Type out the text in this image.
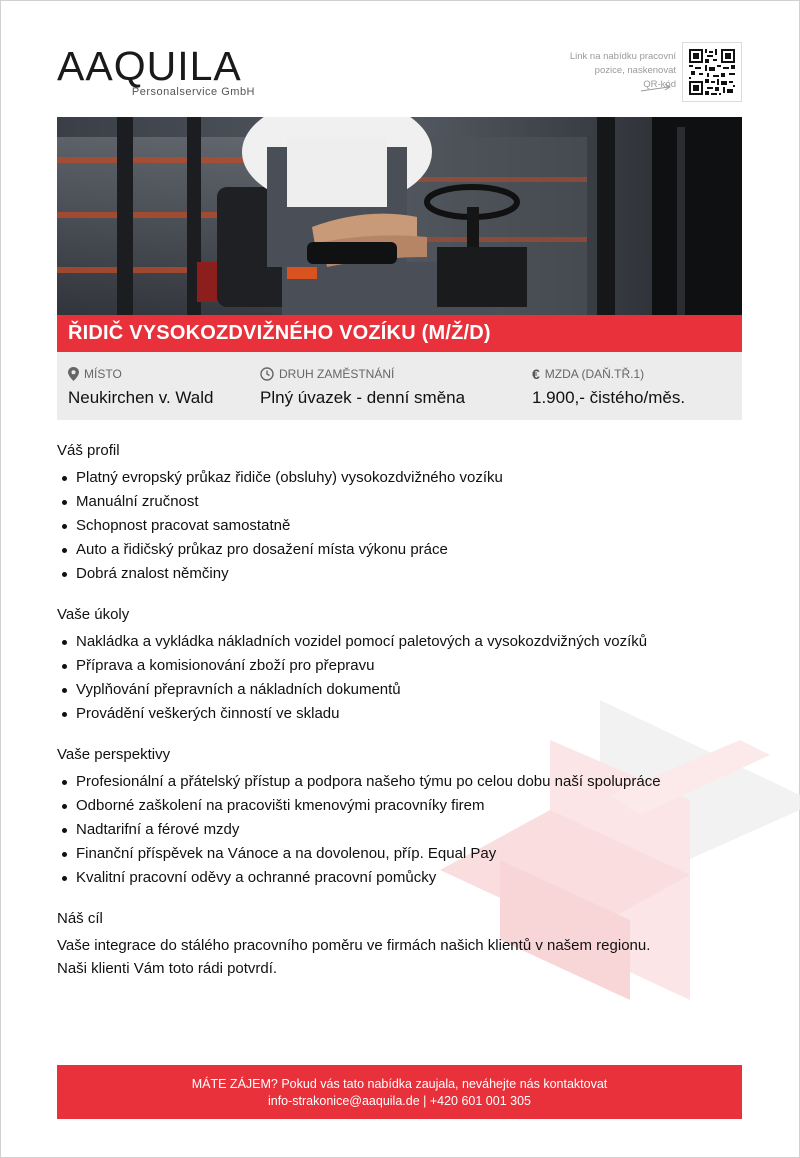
AAQUILA
Personalservice GmbH
Link na nabídku pracovní
pozice, naskenovat
QR-kód
ŘIDIČ VYSOKOZDVIŽNÉHO VOZÍKU (M/Ž/D)
MÍSTO
Neukirchen v. Wald
DRUH ZAMĚSTNÁNÍ
Plný úvazek - denní směna
€ MZDA (DAŇ.TŘ.1)
1.900,- čistého/měs.
Váš profil
Platný evropský průkaz řidiče (obsluhy) vysokozdvižného vozíku
Manuální zručnost
Schopnost pracovat samostatně
Auto a řidičský průkaz pro dosažení místa výkonu práce
Dobrá znalost němčiny
Vaše úkoly
Nakládka a vykládka nákladních vozidel pomocí paletových a vysokozdvižných vozíků
Příprava a komisionování zboží pro přepravu
Vyplňování přepravních a nákladních dokumentů
Provádění veškerých činností ve skladu
Vaše perspektivy
Profesionální a přátelský přístup a podpora našeho týmu po celou dobu naší spolupráce
Odborné zaškolení na pracovišti kmenovými pracovníky firem
Nadtarifní a férové mzdy
Finanční příspěvek na Vánoce a na dovolenou, příp. Equal Pay
Kvalitní pracovní oděvy a ochranné pracovní pomůcky
Náš cíl
Vaše integrace do stálého pracovního poměru ve firmách našich klientů v našem regionu.
Naši klienti Vám toto rádi potvrdí.
MÁTE ZÁJEM? Pokud vás tato nabídka zaujala, neváhejte nás kontaktovat
info-strakonice@aaquila.de | +420 601 001 305
